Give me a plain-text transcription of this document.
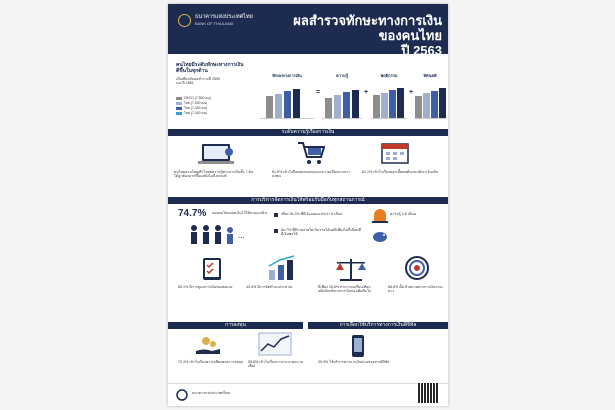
ธนาคารแห่งประเทศไทย
BANK OF THAILAND	ผลสำรวจทักษะทางการเงินของคนไทย
ปี 2563
คนไทยมีระดับทักษะทางการเงิน
ดีขึ้นในทุกด้าน
เมื่อเทียบกับผลสำรวจปี 2559
และปี 2561
OECD (7,500 คน)
ไทย (7,000 คน)
ไทย (7,000 คน)
ไทย (7,000 คน)
ทักษะทางการเงิน
=
ความรู้
+
พฤติกรรม
+
ทัศนคติ
ระดับความรู้เรื่องการเงิน
คนไทยส่วนใหญ่ทำโจทย์ความรู้ทางการเงินทั้ง 7 ข้อได้ถูกต้องมากขึ้นแต่ยังไม่ถึงเกณฑ์
61.9% เข้าใจถึงผลตอบแทนและความเสี่ยงจากการลงทุน
61.1% เข้าใจเรื่องดอกเบี้ยทบต้นและอัตราเงินเฟ้อ
การบริหารจัดการเงินให้พร้อมรับมือกับทุกสถานการณ์
74.7% ของคนไทยออมเงินไว้ใช้ยามฉุกเฉิน
...
เพียง 36.3% ที่มีเงินออมมากกว่า 6 เดือน
84.7% ที่มีรายจ่ายไม่เกินรายได้แต่มีเพียงไม่กี่เดือนที่มีเงินพอใช้
ความรู้ 2-8 เดือน
85.1% มีการดูแลการเงินของตนเอง	43.5% มีการจัดทำงบประมาณ	มีเพียง 35.8% สามารถเปรียบเทียบผลิตภัณฑ์ทางการเงินก่อนตัดสินใจ
88.8% ตั้งเป้าหมายทางการเงินระยะยาว
การลงทุน	การเลือกใช้บริการทางการเงินดิจิทัล
70.3% เข้าใจเรื่องความเสี่ยงของการลงทุน 58.8% เข้าใจเรื่องการกระจายความเสี่ยง
39.5% ใช้บริการทางการเงินผ่านช่องทางดิจิทัล
ธนาคารแห่งประเทศไทย
